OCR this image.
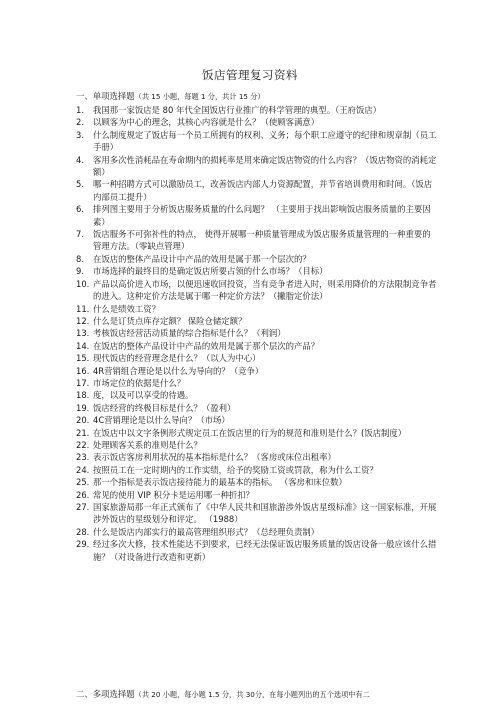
饭店管理复习资料
一、单项选择题（共 15 小题，每题 1 分，共计 15 分）
1. 我国那一家饭店是 80 年代全国饭店行业推广的科学管理的典型。（王府饭店）
2. 以顾客为中心的理念，其核心内容就是什么？（使顾客满意）
3. 什么制度规定了饭店每一个员工所拥有的权利、义务；每个职工应遵守的纪律和规章制（员工手册）
4. 客用多次性消耗品在寿命期内的损耗率是用来确定饭店物资的什么内容？（饭店物资的消耗定额）
5. 哪一种招聘方式可以激励员工，改善饭店内部人力资源配置，并节省培训费用和时间。（饭店内部员工提升）
6. 排列图主要用于分析饭店服务质量的什么问题？ （主要用于找出影响饭店服务质量的主要因素）
7. 饭店服务不可弥补性的特点， 使得开展哪一种质量管理成为饭店服务质量管理的一种重要的管理方法。（零缺点管理）
8. 在饭店的整体产品设计中产品的效用是属于那一个层次的？
9. 市场选择的最终目的是确定饭店所要占领的什么市场？（目标）
10. 产品以高价进入市场，以便迅速收回投资，当有竞争者进入时，则采用降价的方法限制竞争者的进入。这种定价方法是属于哪一种定价方法？（撇脂定价法）
11. 什么是绩效工资？
12. 什么是订货点库存定额？ 保险仓储定额？
13. 考核饭店经营活动质量的综合指标是什么？（利润）
14. 在饭店的整体产品设计中产品的效用是属于那个层次的产品？
15. 现代饭店的经营理念是什么？（以人为中心）
16. 4R营销组合理论是以什么为导向的？（竞争）
17. 市场定位的依据是什么？
18. 度，以及可以享受的待遇。
19. 饭店经营的终极目标是什么？（盈利）
20. 4C营销理论是以什么导向？（市场）
21. 在饭店中以文字条例形式规定员工在饭店里的行为的规范和准则是什么？(饭店制度）
22. 处理顾客关系的准则是什么？
23. 表示饭店客房利用状况的基本指标是什么？（客房或床位出租率）
24. 按照员工在一定时期内的工作实绩，给予的奖励工资或罚款，称为什么工资？
25. 那一个指标是表示饭店接待能力的最基本的指标。 （客房和床位数）
26. 常见的使用 VIP 积分卡是运用哪一种折扣？
27. 国家旅游局那一年正式颁布了《中华人民共和国旅游涉外饭店星级标准》这一国家标准，开展涉外饭店的星级划分和评定。 （1988）
28. 什么是饭店内部实行的最高管理组织形式？（总经理负责制）
29. 经过多次大修，技术性能达不到要求，已经无法保证饭店服务质量的饭店设备一般应该什么措施？（对设备进行改造和更新）
二、多项选择题（共 20 小题，每小题 1.5 分，共 30分，在每小题列出的五个选项中有二
